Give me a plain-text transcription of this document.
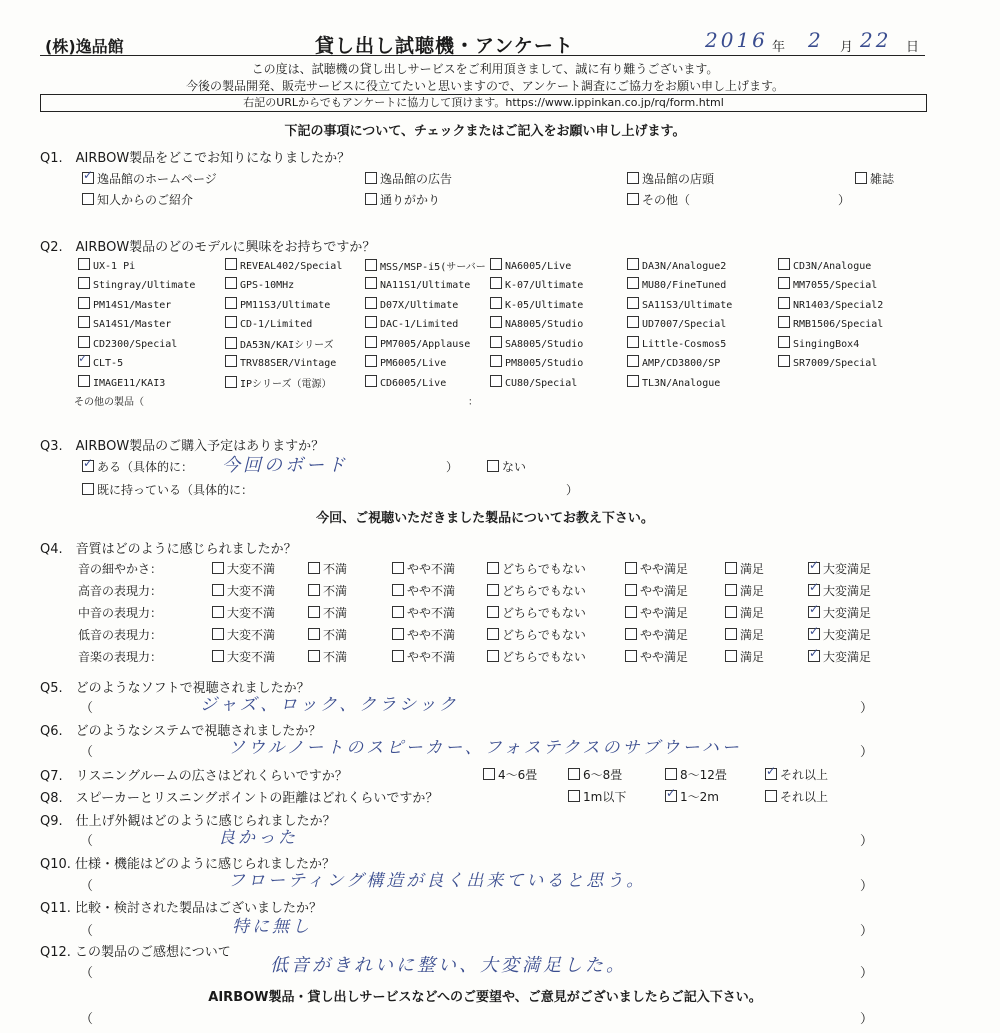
(株)逸品館	貸し出し試聴機・アンケート	2016 年 2 月 22 日
この度は、試聴機の貸し出しサービスをご利用頂きまして、誠に有り難うございます。
今後の製品開発、販売サービスに役立てたいと思いますので、アンケート調査にご協力をお願い申し上げます。
右記のURLからでもアンケートに協力して頂けます。https://www.ippinkan.co.jp/rq/form.html
下記の事項について、チェックまたはご記入をお願い申し上げます。
Q1.　AIRBOW製品をどこでお知りになりましたか？
✓逸品館のホームページ	逸品館の広告	逸品館の店頭	雑誌
知人からのご紹介	通りがかり	その他（	）
Q2.　AIRBOW製品のどのモデルに興味をお持ちですか？
UX-1 Pi	REVEAL402/Special	MSS/MSP-i5(サーバー	NA6005/Live	DA3N/Analogue2	CD3N/Analogue
Stingray/Ultimate	GPS-10MHz	NA11S1/Ultimate	K-07/Ultimate	MU80/FineTuned	MM7055/Special
PM14S1/Master	PM11S3/Ultimate	D07X/Ultimate	K-05/Ultimate	SA11S3/Ultimate	NR1403/Special2
SA14S1/Master	CD-1/Limited	DAC-1/Limited	NA8005/Studio	UD7007/Special	RMB1506/Special
CD2300/Special	DA53N/KAIシリーズ	PM7005/Applause	SA8005/Studio	Little-Cosmos5	SingingBox4
✓CLT-5	TRV88SER/Vintage	PM6005/Live	PM8005/Studio	AMP/CD3800/SP	SR7009/Special
IMAGE11/KAI3	IPシリーズ（電源）	CD6005/Live	CU80/Special	TL3N/Analogue
その他の製品（	：
Q3.　AIRBOW製品のご購入予定はありますか？
✓ある（具体的に： 今回のボード	）	ない
既に持っている（具体的に：	）
今回、ご視聴いただきました製品についてお教え下さい。
Q4.　音質はどのように感じられましたか？
音の細やかさ：	大変不満	不満	やや不満	どちらでもない	やや満足	満足 ✓	大変満足
高音の表現力：	大変不満	不満	やや不満	どちらでもない	やや満足	満足 ✓	大変満足
中音の表現力：	大変不満	不満	やや不満	どちらでもない	やや満足	満足 ✓	大変満足
低音の表現力：	大変不満	不満	やや不満	どちらでもない	やや満足	満足 ✓	大変満足
音楽の表現力：	大変不満	不満	やや不満	どちらでもない	やや満足	満足 ✓	大変満足
Q5.　どのようなソフトで視聴されましたか？
（	ジャズ、ロック、クラシック	）
Q6.　どのようなシステムで視聴されましたか？
（	ソウルノートのスピーカー、フォステクスのサブウーハー	）
Q7.　リスニングルームの広さはどれくらいですか？	4～6畳	6～8畳	8～12畳 ✓	それ以上
Q8.　スピーカーとリスニングポイントの距離はどれくらいですか？	1m以下 ✓	1～2m	それ以上
Q9.　仕上げ外観はどのように感じられましたか？
（	良かった	）
Q10. 仕様・機能はどのように感じられましたか？
（	フローティング構造が良く出来ていると思う。	）
Q11. 比較・検討された製品はございましたか？
（	特に無し	）
Q12. この製品のご感想について
（	低音がきれいに整い、大変満足した。	）
AIRBOW製品・貸し出しサービスなどへのご要望や、ご意見がございましたらご記入下さい。
（	）
